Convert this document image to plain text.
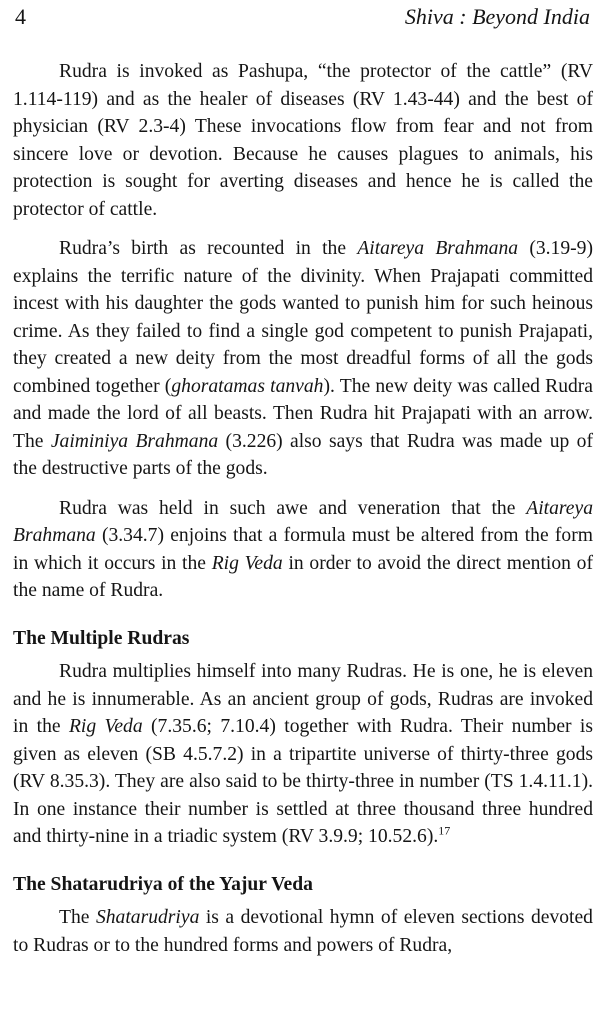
4	Shiva : Beyond India

Rudra is invoked as Pashupa, “the protector of the cattle” (RV 1.114-119) and as the healer of diseases (RV 1.43-44) and the best of physician (RV 2.3-4) These invocations flow from fear and not from sincere love or devotion. Because he causes plagues to animals, his protection is sought for averting diseases and hence he is called the protector of cattle.

Rudra’s birth as recounted in the Aitareya Brahmana (3.19-9) explains the terrific nature of the divinity. When Prajapati committed incest with his daughter the gods wanted to punish him for such heinous crime. As they failed to find a single god competent to punish Prajapati, they created a new deity from the most dreadful forms of all the gods combined together (ghoratamas tanvah). The new deity was called Rudra and made the lord of all beasts. Then Rudra hit Prajapati with an arrow. The Jaiminiya Brahmana (3.226) also says that Rudra was made up of the destructive parts of the gods.

Rudra was held in such awe and veneration that the Aitareya Brahmana (3.34.7) enjoins that a formula must be altered from the form in which it occurs in the Rig Veda in order to avoid the direct mention of the name of Rudra.

The Multiple Rudras

Rudra multiplies himself into many Rudras. He is one, he is eleven and he is innumerable. As an ancient group of gods, Rudras are invoked in the Rig Veda (7.35.6; 7.10.4) together with Rudra. Their number is given as eleven (SB 4.5.7.2) in a tripartite universe of thirty-three gods (RV 8.35.3). They are also said to be thirty-three in number (TS 1.4.11.1). In one instance their number is settled at three thousand three hundred and thirty-nine in a triadic system (RV 3.9.9; 10.52.6).$^{17}$

The Shatarudriya of the Yajur Veda

The Shatarudriya is a devotional hymn of eleven sections devoted to Rudras or to the hundred forms and powers of Rudra,
